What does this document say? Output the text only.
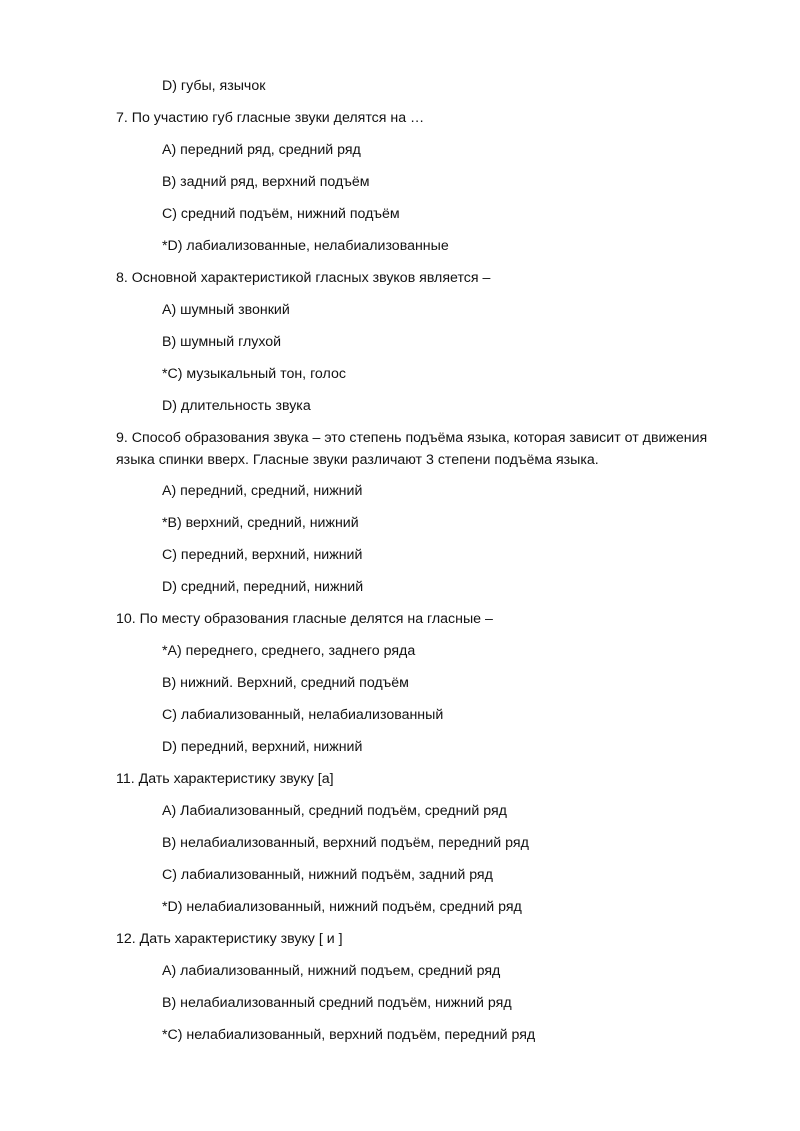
D) губы, язычок
7. По участию губ гласные звуки делятся на …
А) передний ряд, средний ряд
В) задний ряд, верхний подъём
С) средний подъём, нижний подъём
*D) лабиализованные, нелабиализованные
8. Основной характеристикой гласных звуков является –
А) шумный звонкий
В) шумный глухой
*С) музыкальный тон, голос
D) длительность звука
9. Способ образования звука – это степень подъёма языка, которая зависит от движения языка спинки вверх. Гласные звуки различают 3 степени подъёма языка.
А) передний, средний, нижний
*В) верхний, средний, нижний
С) передний, верхний, нижний
D) средний, передний, нижний
10. По месту образования гласные делятся на гласные –
*А) переднего, среднего, заднего ряда
В) нижний. Верхний, средний подъём
С) лабиализованный, нелабиализованный
D) передний, верхний, нижний
11. Дать характеристику звуку [а]
А) Лабиализованный, средний подъём, средний ряд
В) нелабиализованный, верхний подъём, передний ряд
С) лабиализованный, нижний подъём, задний ряд
*D) нелабиализованный, нижний подъём, средний ряд
12. Дать характеристику звуку [ и ]
А) лабиализованный, нижний подъем, средний ряд
В) нелабиализованный средний подъём, нижний ряд
*С) нелабиализованный, верхний подъём, передний ряд
